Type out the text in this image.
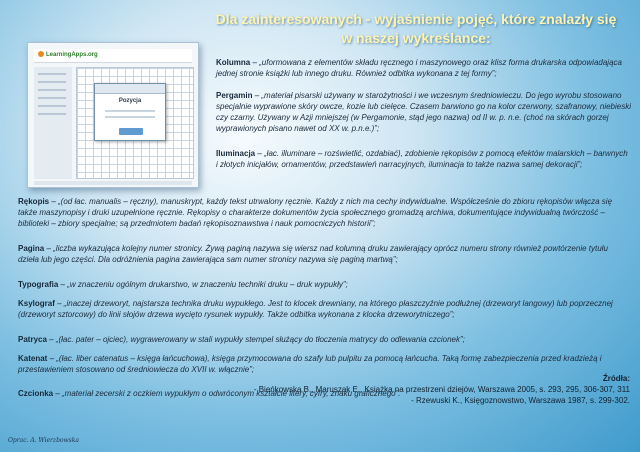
Dla zainteresowanych - wyjaśnienie pojęć, które znalazły się
w naszej wykreślance:
LearningApps.org
Pozycja

Kolumna – „uformowana z elementów składu ręcznego i maszynowego oraz klisz forma drukarska odpowiadająca jednej stronie książki lub innego druku. Również odbitka wykonana z tej formy”;

Pergamin – „materiał pisarski używany w starożytności i we wczesnym średniowieczu. Do jego wyrobu stosowano specjalnie wyprawione skóry owcze, kozie lub cielęce. Czasem barwiono go na kolor czerwony, szafranowy, niebieski czy czarny. Używany w Azji mniejszej (w Pergamonie, stąd jego nazwa) od II w. p. n.e. (choć na skórach gorzej wyprawionych pisano nawet od XX w. p.n.e.)”;

Iluminacja – „łac. illuminare – rozświetlić, ozdabiać), zdobienie rękopisów z pomocą efektów malarskich – barwnych i złotych inicjałów, ornamentów, przedstawień narracyjnych, iluminacja to także nazwa samej dekoracji”;

Rękopis – „(od łac. manualis – ręczny), manuskrypt, każdy tekst utrwalony ręcznie. Każdy z nich ma cechy indywidualne. Współcześnie do zbioru rękopisów włącza się także maszynopisy i druki uzupełnione ręcznie. Rękopisy o charakterze dokumentów życia społecznego gromadzą archiwa, dokumentujące indywidualną twórczość – biblioteki – zbiory specjalne; są przedmiotem badań rękopisoznawstwa i nauk pomocniczych historii”;

Pagina – „liczba wykazująca kolejny numer stronicy. Żywą paginą nazywa się wiersz nad kolumną druku zawierający oprócz numeru strony również powtórzenie tytułu dzieła lub jego części. Dla odróżnienia pagina zawierająca sam numer stronicy nazywa się paginą martwą”;

Typografia – „w znaczeniu ogólnym drukarstwo, w znaczeniu techniki druku – druk wypukły”;

Ksylograf – „inaczej drzeworyt, najstarsza technika druku wypukłego. Jest to klocek drewniany, na którego płaszczyźnie podłużnej (drzeworyt langowy) lub poprzecznej (drzeworyt sztorcowy) do linii słojów drzewa wycięto rysunek wypukły. Także odbitka wykonana z klocka drzeworytniczego”;

Patryca – „(łac. pater – ojciec), wygrawerowany w stali wypukły stempel służący do tłoczenia matrycy do odlewania czcionek”;

Katenat – „(łac. liber catenatus – księga łańcuchowa), księga przymocowana do szafy lub pulpitu za pomocą łańcucha. Taką formę zabezpieczenia przed kradzieżą i przestawieniem stosowano od średniowiecza do XVII w. włącznie”;

Czcionka – „materiał zecerski z oczkiem wypukłym o odwróconym kształcie litery, cyfry, znaku graficznego”.

Źródła:
- Bieńkowska B., Maruszak E., Książka na przestrzeni dziejów, Warszawa 2005, s. 293, 295, 306-307, 311
- Rzewuski K., Księgoznowstwo, Warszawa 1987, s. 299-302.
Oprac. A. Wierzbowska
